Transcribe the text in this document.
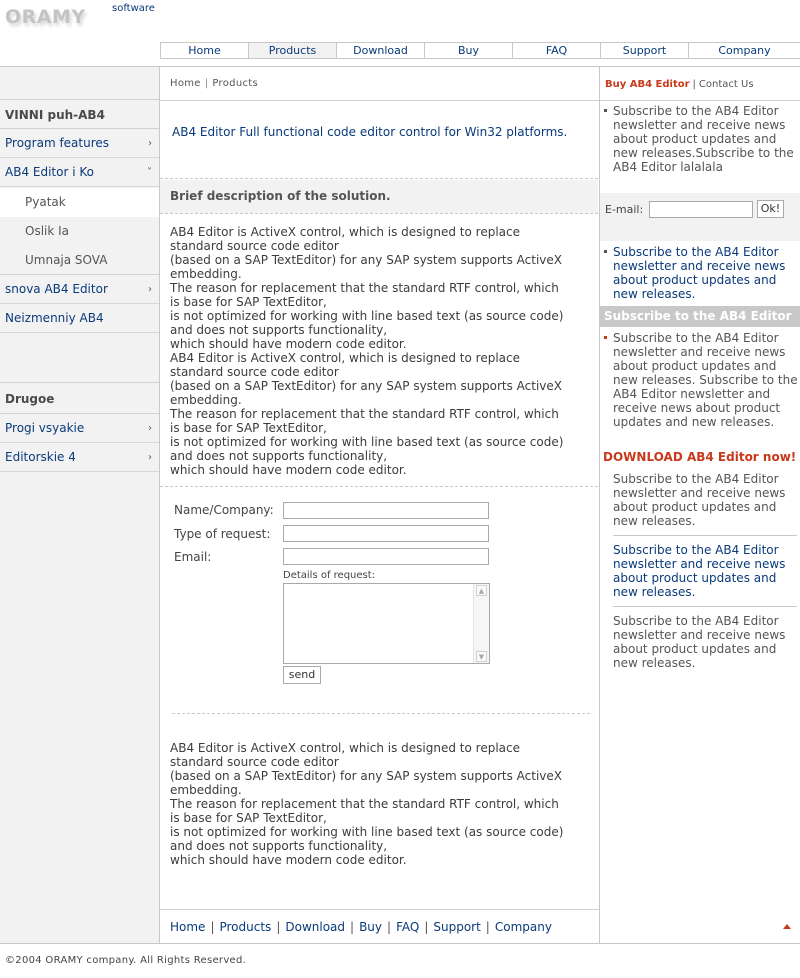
ORAMY	software
Home	Products	Download	Buy	FAQ	Support	Company
VINNI puh-AB4
Program features	›
AB4 Editor i Ko	˅
Pyatak
Oslik Ia
Umnaja SOVA
snova AB4 Editor	›
Neizmenniy AB4
Drugoe
Progi vsyakie	›
Editorskie 4	›
Home | Products
AB4 Editor Full functional code editor control for Win32 platforms.
Brief description of the solution.

AB4 Editor is ActiveX control, which is designed to replace
standard source code editor
(based on a SAP TextEditor) for any SAP system supports ActiveX
embedding.
The reason for replacement that the standard RTF control, which
is base for SAP TextEditor,
is not optimized for working with line based text (as source code)
and does not supports functionality,
which should have modern code editor.
AB4 Editor is ActiveX control, which is designed to replace
standard source code editor
(based on a SAP TextEditor) for any SAP system supports ActiveX
embedding.
The reason for replacement that the standard RTF control, which
is base for SAP TextEditor,
is not optimized for working with line based text (as source code)
and does not supports functionality,
which should have modern code editor.

Name/Company:
Type of request:
Email:
Details of request:
▲
▼
send

AB4 Editor is ActiveX control, which is designed to replace
standard source code editor
(based on a SAP TextEditor) for any SAP system supports ActiveX
embedding.
The reason for replacement that the standard RTF control, which
is base for SAP TextEditor,
is not optimized for working with line based text (as source code)
and does not supports functionality,
which should have modern code editor.

Home | Products | Download | Buy | FAQ | Support | Company
Buy AB4 Editor | Contact Us
Subscribe to the AB4 Editor newsletter and receive news about product updates and new releases.Subscribe to the AB4 Editor lalalala
E-mail:	Ok!
Subscribe to the AB4 Editor newsletter and receive news about product updates and new releases.
Subscribe to the AB4 Editor
Subscribe to the AB4 Editor newsletter and receive news about product updates and new releases. Subscribe to the AB4 Editor newsletter and receive news about product updates and new releases.
DOWNLOAD AB4 Editor now!
Subscribe to the AB4 Editor newsletter and receive news about product updates and new releases.
Subscribe to the AB4 Editor newsletter and receive news about product updates and new releases.
Subscribe to the AB4 Editor newsletter and receive news about product updates and new releases.
©2004 ORAMY company. All Rights Reserved.
